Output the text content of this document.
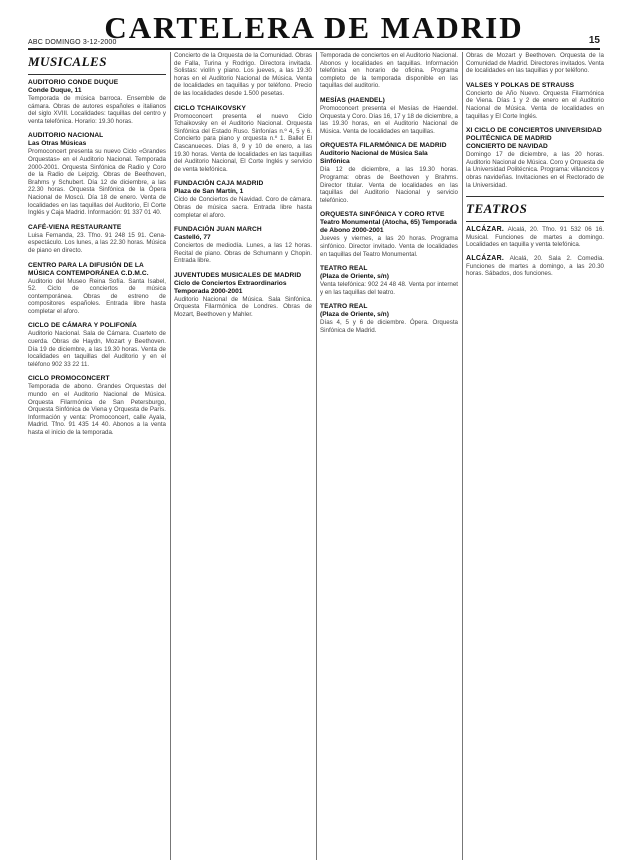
ABC DOMINGO 3-12-2000
CARTELERA DE MADRID	15
MUSICALES
AUDITORIO CONDE DUQUE
Conde Duque, 11
Temporada de música barroca. Ensemble de cámara. Obras de autores españoles e italianos del siglo XVIII. Localidades: taquillas del centro y venta telefónica. Horario: 19.30 horas.
AUDITORIO NACIONAL
Las Otras Músicas
Promoconcert presenta su nuevo Ciclo «Grandes Orquestas» en el Auditorio Nacional. Temporada 2000-2001. Orquesta Sinfónica de Radio y Coro de la Radio de Leipzig. Obras de Beethoven, Brahms y Schubert. Día 12 de diciembre, a las 22.30 horas. Orquesta Sinfónica de la Ópera Nacional de Moscú. Día 18 de enero. Venta de localidades en las taquillas del Auditorio, El Corte Inglés y Caja Madrid. Información: 91 337 01 40.
CAFÉ-VIENA RESTAURANTE
Luisa Fernanda, 23. Tfno. 91 248 15 91. Cena-espectáculo. Los lunes, a las 22.30 horas. Música de piano en directo.
CENTRO PARA LA DIFUSIÓN DE LA MÚSICA CONTEMPORÁNEA C.D.M.C.
Auditorio del Museo Reina Sofía. Santa Isabel, 52. Ciclo de conciertos de música contemporánea. Obras de estreno de compositores españoles. Entrada libre hasta completar el aforo.
CICLO DE CÁMARA Y POLIFONÍA
Auditorio Nacional. Sala de Cámara. Cuarteto de cuerda. Obras de Haydn, Mozart y Beethoven. Día 19 de diciembre, a las 19.30 horas. Venta de localidades en taquillas del Auditorio y en el teléfono 902 33 22 11.
CICLO PROMOCONCERT
Temporada de abono. Grandes Orquestas del mundo en el Auditorio Nacional de Música. Orquesta Filarmónica de San Petersburgo, Orquesta Sinfónica de Viena y Orquesta de París. Información y venta: Promoconcert, calle Ayala, Madrid. Tfno. 91 435 14 40. Abonos a la venta hasta el inicio de la temporada.
Concierto de la Orquesta de la Comunidad. Obras de Falla, Turina y Rodrigo. Directora invitada. Solistas: violín y piano. Los jueves, a las 19.30 horas en el Auditorio Nacional de Música. Venta de localidades en taquillas y por teléfono. Precio de las localidades desde 1.500 pesetas.
CICLO TCHAIKOVSKY
Promoconcert presenta el nuevo Ciclo Tchaikovsky en el Auditorio Nacional. Orquesta Sinfónica del Estado Ruso. Sinfonías n.º 4, 5 y 6. Concierto para piano y orquesta n.º 1. Ballet El Cascanueces. Días 8, 9 y 10 de enero, a las 19.30 horas. Venta de localidades en las taquillas del Auditorio Nacional, El Corte Inglés y servicio de venta telefónica.
FUNDACIÓN CAJA MADRID
Plaza de San Martín, 1
Ciclo de Conciertos de Navidad. Coro de cámara. Obras de música sacra. Entrada libre hasta completar el aforo.
FUNDACIÓN JUAN MARCH
Castelló, 77
Conciertos de mediodía. Lunes, a las 12 horas. Recital de piano. Obras de Schumann y Chopin. Entrada libre.
JUVENTUDES MUSICALES DE MADRID
Ciclo de Conciertos Extraordinarios Temporada 2000-2001
Auditorio Nacional de Música. Sala Sinfónica. Orquesta Filarmónica de Londres. Obras de Mozart, Beethoven y Mahler.
Temporada de conciertos en el Auditorio Nacional. Abonos y localidades en taquillas. Información telefónica en horario de oficina. Programa completo de la temporada disponible en las taquillas del auditorio.
MESÍAS (HAENDEL)
Promoconcert presenta el Mesías de Haendel. Orquesta y Coro. Días 16, 17 y 18 de diciembre, a las 19.30 horas, en el Auditorio Nacional de Música. Venta de localidades en taquillas.
ORQUESTA FILARMÓNICA DE MADRID
Auditorio Nacional de Música Sala Sinfónica
Día 12 de diciembre, a las 19.30 horas. Programa: obras de Beethoven y Brahms. Director titular. Venta de localidades en las taquillas del Auditorio Nacional y servicio telefónico.
ORQUESTA SINFÓNICA Y CORO RTVE
Teatro Monumental (Atocha, 65) Temporada de Abono 2000-2001
Jueves y viernes, a las 20 horas. Programa sinfónico. Director invitado. Venta de localidades en taquillas del Teatro Monumental.
TEATRO REAL
(Plaza de Oriente, s/n)
Venta telefónica: 902 24 48 48. Venta por internet y en las taquillas del teatro.
TEATRO REAL
(Plaza de Oriente, s/n)
Días 4, 5 y 6 de diciembre. Ópera. Orquesta Sinfónica de Madrid.
Obras de Mozart y Beethoven. Orquesta de la Comunidad de Madrid. Directores invitados. Venta de localidades en las taquillas y por teléfono.
VALSES Y POLKAS DE STRAUSS
Concierto de Año Nuevo. Orquesta Filarmónica de Viena. Días 1 y 2 de enero en el Auditorio Nacional de Música. Venta de localidades en taquillas y El Corte Inglés.
XI CICLO DE CONCIERTOS UNIVERSIDAD POLITÉCNICA DE MADRID
CONCIERTO DE NAVIDAD
Domingo 17 de diciembre, a las 20 horas. Auditorio Nacional de Música. Coro y Orquesta de la Universidad Politécnica. Programa: villancicos y obras navideñas. Invitaciones en el Rectorado de la Universidad.
TEATROS
ALCÁZAR. Alcalá, 20. Tfno. 91 532 06 16. Musical. Funciones de martes a domingo. Localidades en taquilla y venta telefónica.
ALCÁZAR. Alcalá, 20. Sala 2. Comedia. Funciones de martes a domingo, a las 20.30 horas. Sábados, dos funciones.
